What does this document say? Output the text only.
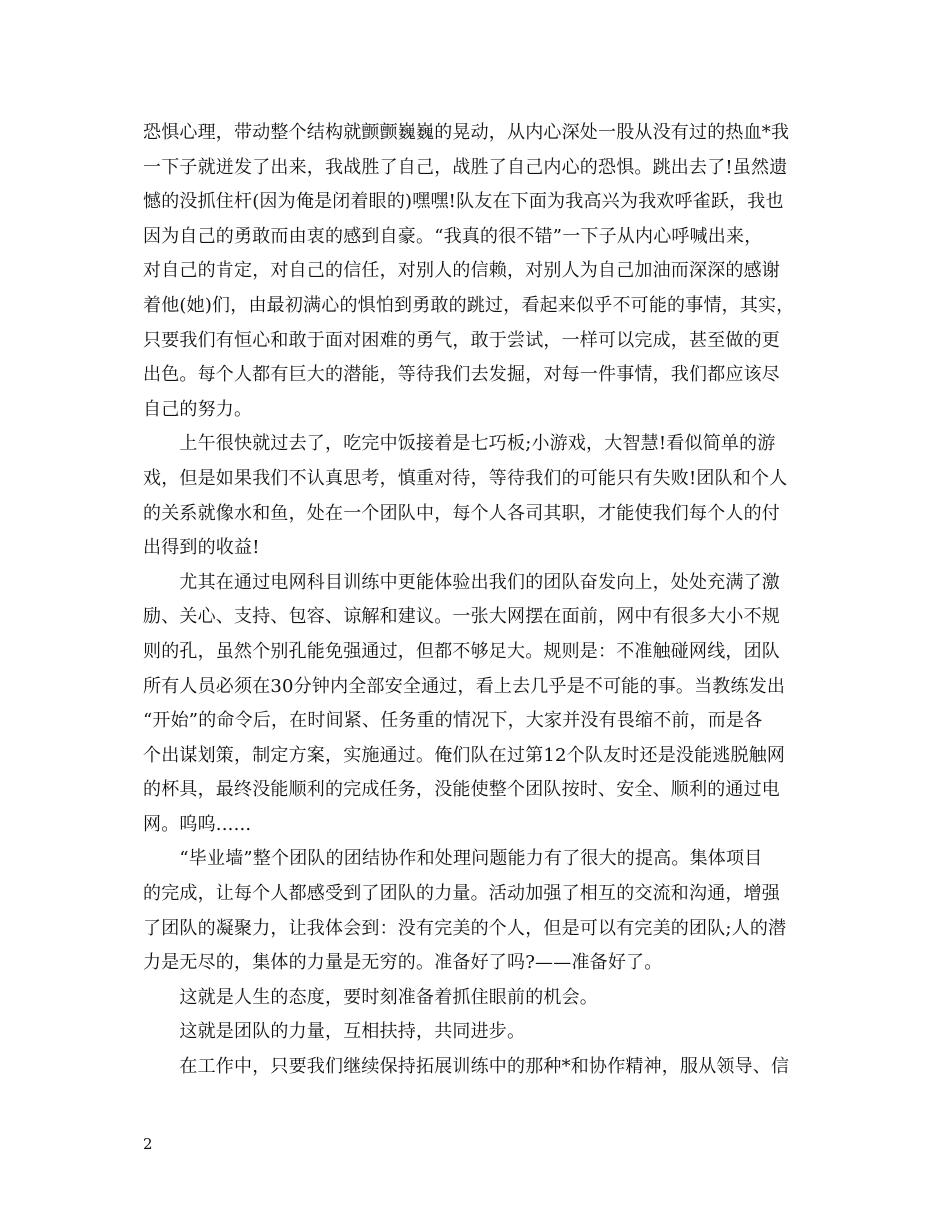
恐惧心理，带动整个结构就颤颤巍巍的晃动，从内心深处一股从没有过的热血*我
一下子就迸发了出来，我战胜了自己，战胜了自己内心的恐惧。跳出去了!虽然遗
憾的没抓住杆(因为俺是闭着眼的)嘿嘿!队友在下面为我高兴为我欢呼雀跃，我也
因为自己的勇敢而由衷的感到自豪。“我真的很不错”一下子从内心呼喊出来，
对自己的肯定，对自己的信任，对别人的信赖，对别人为自己加油而深深的感谢
着他(她)们，由最初满心的惧怕到勇敢的跳过，看起来似乎不可能的事情，其实，
只要我们有恒心和敢于面对困难的勇气，敢于尝试，一样可以完成，甚至做的更
出色。每个人都有巨大的潜能，等待我们去发掘，对每一件事情，我们都应该尽
自己的努力。
　　上午很快就过去了，吃完中饭接着是七巧板;小游戏，大智慧!看似简单的游
戏，但是如果我们不认真思考，慎重对待，等待我们的可能只有失败!团队和个人
的关系就像水和鱼，处在一个团队中，每个人各司其职，才能使我们每个人的付
出得到的收益!
　　尤其在通过电网科目训练中更能体验出我们的团队奋发向上，处处充满了激
励、关心、支持、包容、谅解和建议。一张大网摆在面前，网中有很多大小不规
则的孔，虽然个别孔能免强通过，但都不够足大。规则是：不准触碰网线，团队
所有人员必须在30分钟内全部安全通过，看上去几乎是不可能的事。当教练发出
“开始”的命令后，在时间紧、任务重的情况下，大家并没有畏缩不前，而是各
个出谋划策，制定方案，实施通过。俺们队在过第12个队友时还是没能逃脱触网
的杯具，最终没能顺利的完成任务，没能使整个团队按时、安全、顺利的通过电
网。呜呜......
　　“毕业墙”整个团队的团结协作和处理问题能力有了很大的提高。集体项目
的完成，让每个人都感受到了团队的力量。活动加强了相互的交流和沟通，增强
了团队的凝聚力，让我体会到：没有完美的个人，但是可以有完美的团队;人的潜
力是无尽的，集体的力量是无穷的。准备好了吗?——准备好了。
　　这就是人生的态度，要时刻准备着抓住眼前的机会。
　　这就是团队的力量，互相扶持，共同进步。
　　在工作中，只要我们继续保持拓展训练中的那种*和协作精神，服从领导、信
2
